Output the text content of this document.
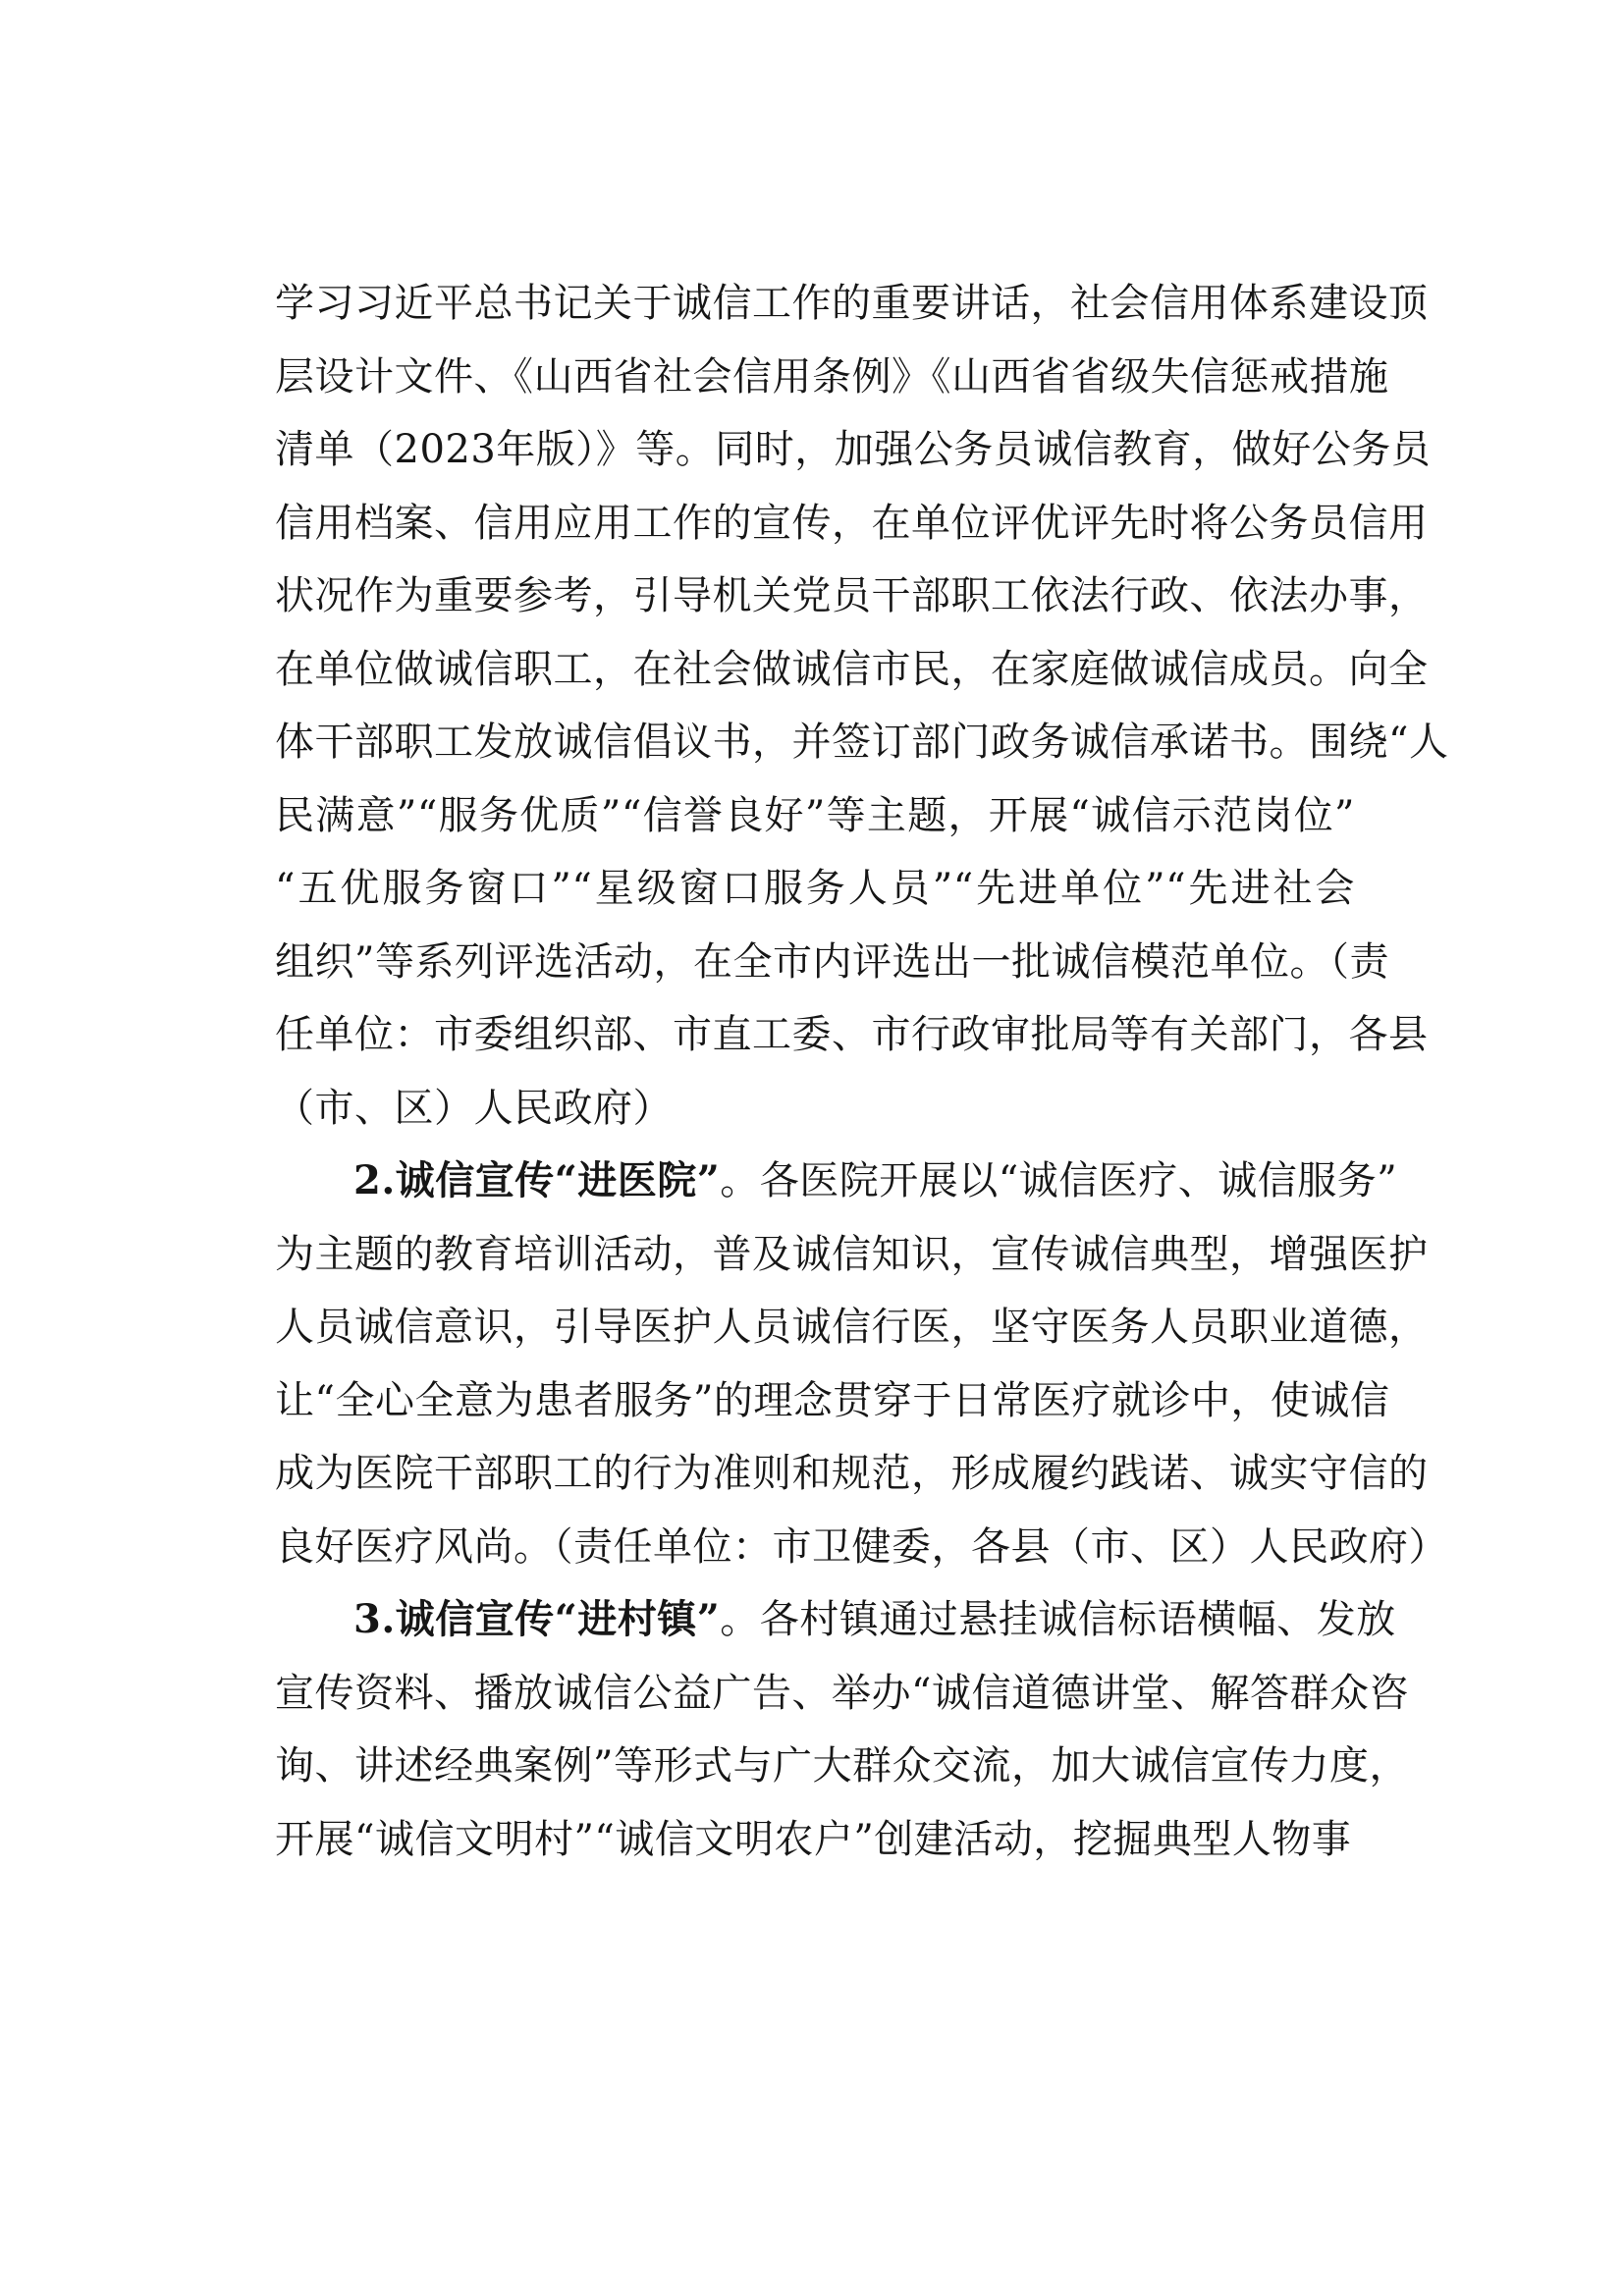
学习习近平总书记关于诚信工作的重要讲话，社会信用体系建设顶
层设计文件、《山西省社会信用条例》《山西省省级失信惩戒措施
清单（2023年版）》等。同时，加强公务员诚信教育，做好公务员
信用档案、信用应用工作的宣传，在单位评优评先时将公务员信用
状况作为重要参考，引导机关党员干部职工依法行政、依法办事，
在单位做诚信职工，在社会做诚信市民，在家庭做诚信成员。向全
体干部职工发放诚信倡议书，并签订部门政务诚信承诺书。围绕“人
民满意”“服务优质”“信誉良好”等主题，开展“诚信示范岗位”
“五优服务窗口”“星级窗口服务人员”“先进单位”“先进社会
组织”等系列评选活动，在全市内评选出一批诚信模范单位。（责
任单位：市委组织部、市直工委、市行政审批局等有关部门，各县
（市、区）人民政府）
2.诚信宣传“进医院”。各医院开展以“诚信医疗、诚信服务”
为主题的教育培训活动，普及诚信知识，宣传诚信典型，增强医护
人员诚信意识，引导医护人员诚信行医，坚守医务人员职业道德，
让“全心全意为患者服务”的理念贯穿于日常医疗就诊中，使诚信
成为医院干部职工的行为准则和规范，形成履约践诺、诚实守信的
良好医疗风尚。（责任单位：市卫健委，各县（市、区）人民政府）
3.诚信宣传“进村镇”。各村镇通过悬挂诚信标语横幅、发放
宣传资料、播放诚信公益广告、举办“诚信道德讲堂、解答群众咨
询、讲述经典案例”等形式与广大群众交流，加大诚信宣传力度，
开展“诚信文明村”“诚信文明农户”创建活动，挖掘典型人物事
